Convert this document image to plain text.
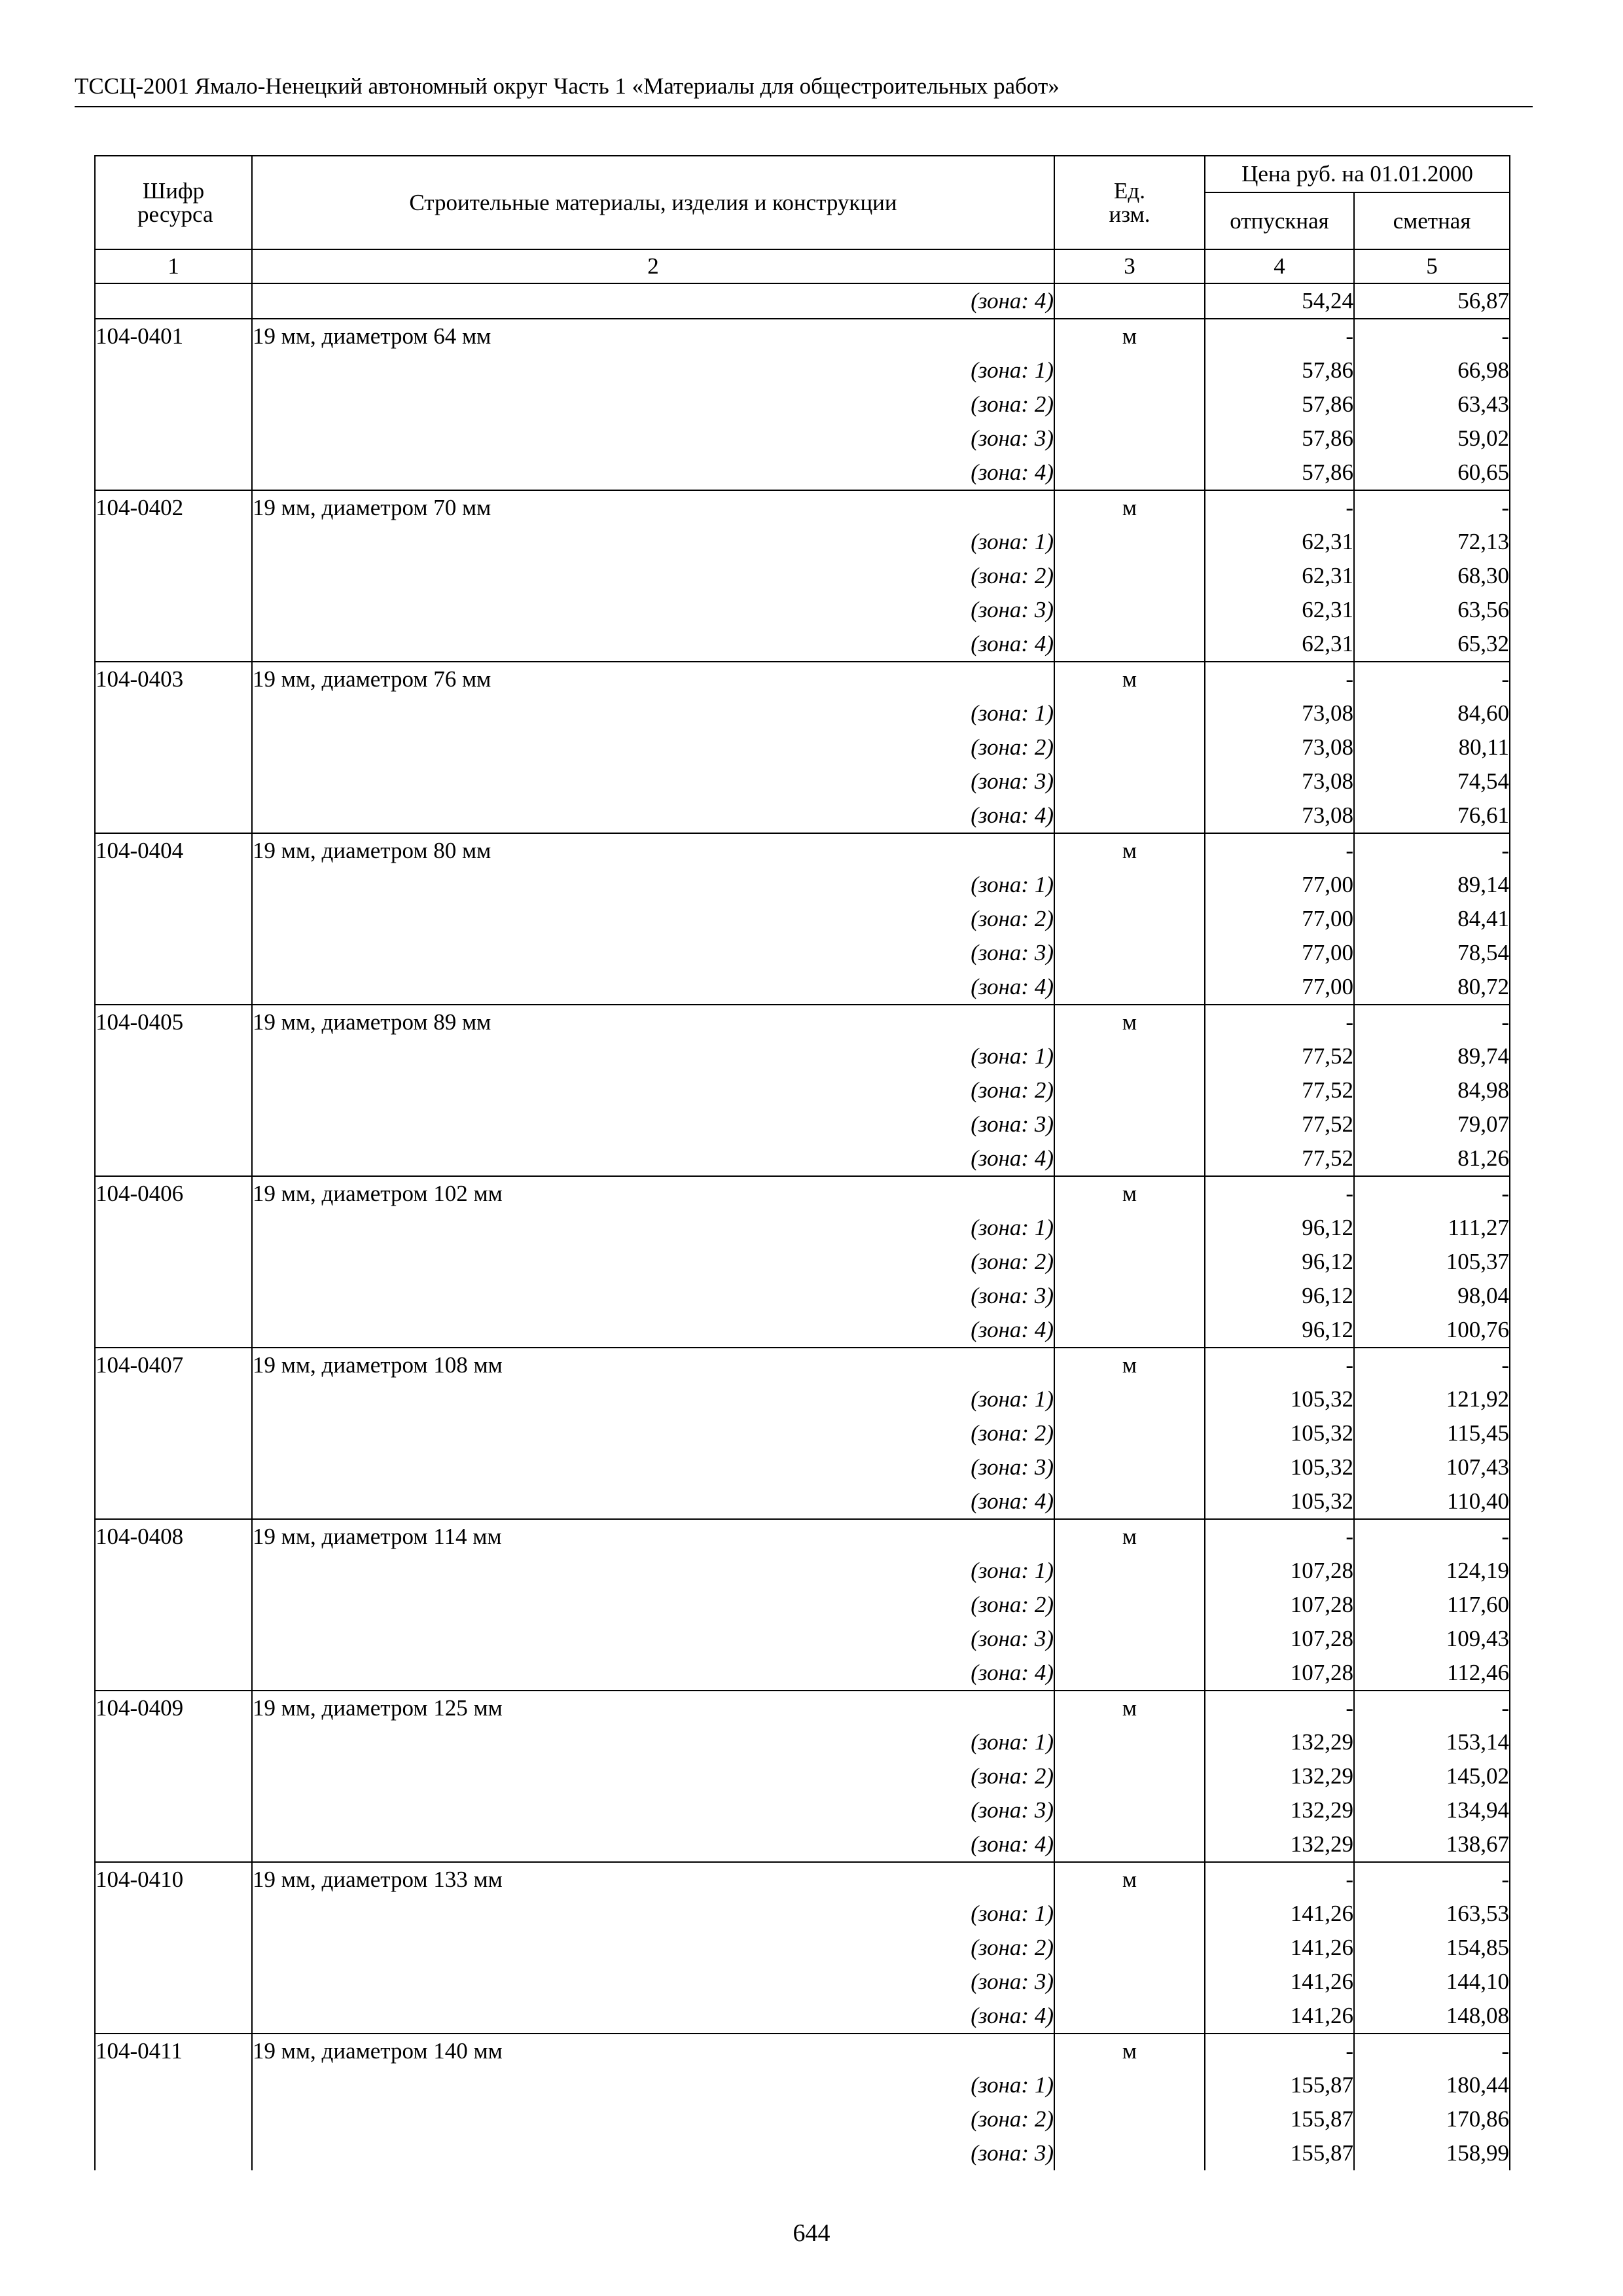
ТССЦ-2001 Ямало-Ненецкий автономный округ Часть 1 «Материалы для общестроительных работ»
Шифр ресурса	Строительные материалы, изделия и конструкции	Ед. изм.	Цена руб. на 01.01.2000	
			отпускная	сметная
1	2	3	4	5
	(зона: 4)		54,24	56,87
104-0401	19 мм, диаметром 64 мм	м	-	-
	(зона: 1)		57,86	66,98
	(зона: 2)		57,86	63,43
	(зона: 3)		57,86	59,02
	(зона: 4)		57,86	60,65
104-0402	19 мм, диаметром 70 мм	м	-	-
	(зона: 1)		62,31	72,13
	(зона: 2)		62,31	68,30
	(зона: 3)		62,31	63,56
	(зона: 4)		62,31	65,32
104-0403	19 мм, диаметром 76 мм	м	-	-
	(зона: 1)		73,08	84,60
	(зона: 2)		73,08	80,11
	(зона: 3)		73,08	74,54
	(зона: 4)		73,08	76,61
104-0404	19 мм, диаметром 80 мм	м	-	-
	(зона: 1)		77,00	89,14
	(зона: 2)		77,00	84,41
	(зона: 3)		77,00	78,54
	(зона: 4)		77,00	80,72
104-0405	19 мм, диаметром 89 мм	м	-	-
	(зона: 1)		77,52	89,74
	(зона: 2)		77,52	84,98
	(зона: 3)		77,52	79,07
	(зона: 4)		77,52	81,26
104-0406	19 мм, диаметром 102 мм	м	-	-
	(зона: 1)		96,12	111,27
	(зона: 2)		96,12	105,37
	(зона: 3)		96,12	98,04
	(зона: 4)		96,12	100,76
104-0407	19 мм, диаметром 108 мм	м	-	-
	(зона: 1)		105,32	121,92
	(зона: 2)		105,32	115,45
	(зона: 3)		105,32	107,43
	(зона: 4)		105,32	110,40
104-0408	19 мм, диаметром 114 мм	м	-	-
	(зона: 1)		107,28	124,19
	(зона: 2)		107,28	117,60
	(зона: 3)		107,28	109,43
	(зона: 4)		107,28	112,46
104-0409	19 мм, диаметром 125 мм	м	-	-
	(зона: 1)		132,29	153,14
	(зона: 2)		132,29	145,02
	(зона: 3)		132,29	134,94
	(зона: 4)		132,29	138,67
104-0410	19 мм, диаметром 133 мм	м	-	-
	(зона: 1)		141,26	163,53
	(зона: 2)		141,26	154,85
	(зона: 3)		141,26	144,10
	(зона: 4)		141,26	148,08
104-0411	19 мм, диаметром 140 мм	м	-	-
	(зона: 1)		155,87	180,44
	(зона: 2)		155,87	170,86
	(зона: 3)		155,87	158,99
644
